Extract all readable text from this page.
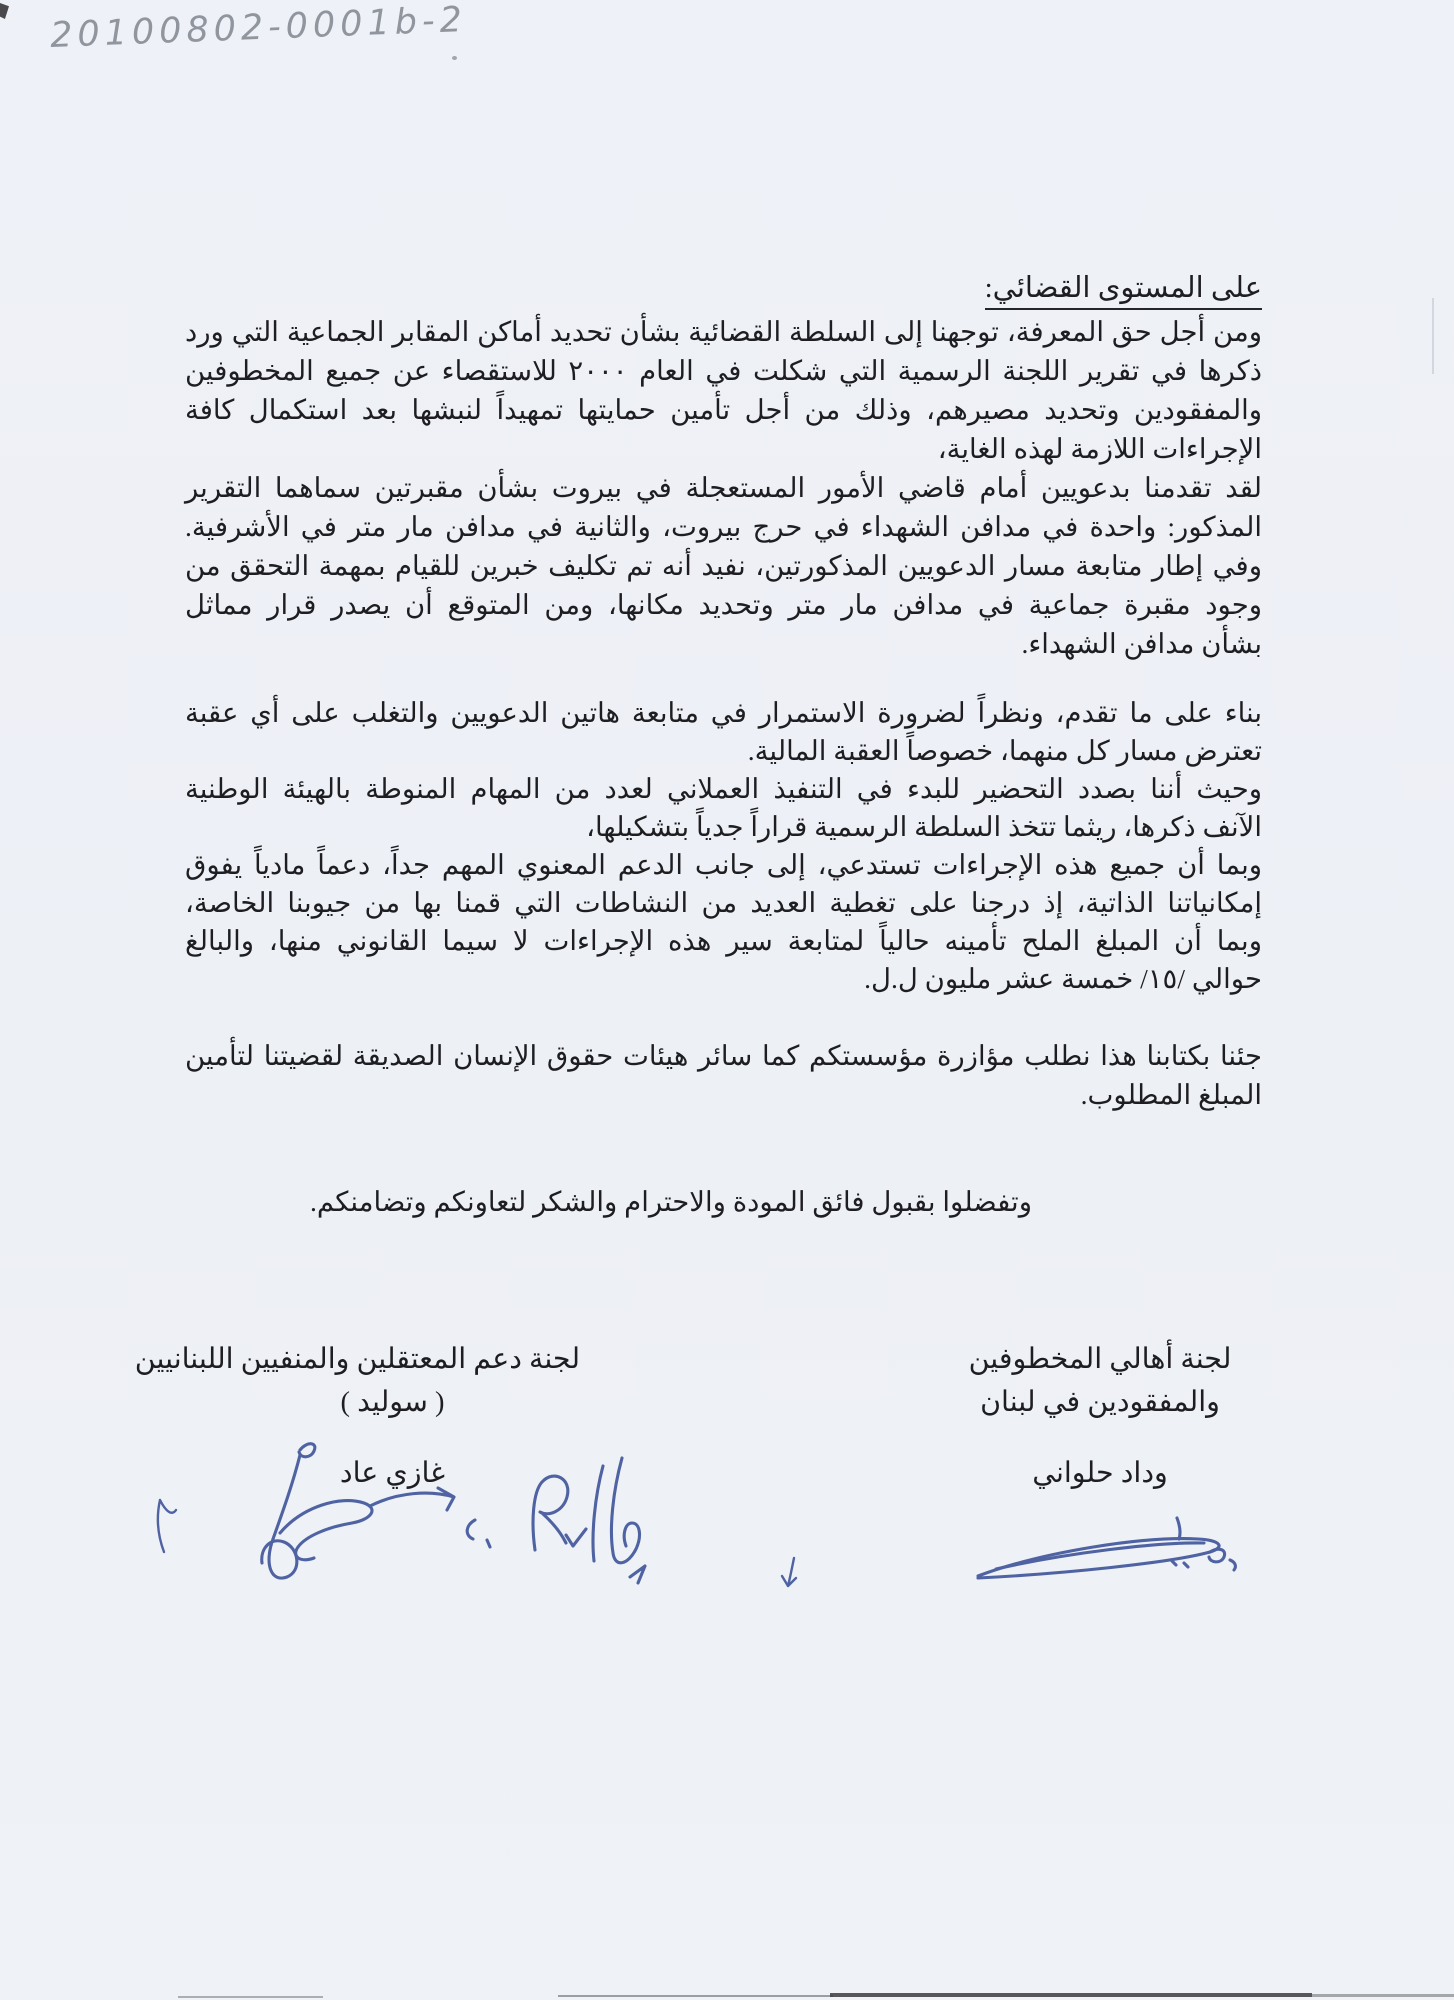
20100802-0001b-2
على المستوى القضائي:
ومن أجل حق المعرفة، توجهنا إلى السلطة القضائية بشأن تحديد أماكن المقابر الجماعية التي ورد
ذكرها في تقرير اللجنة الرسمية التي شكلت في العام ٢٠٠٠ للاستقصاء عن جميع المخطوفين
والمفقودين وتحديد مصيرهم، وذلك من أجل تأمين حمايتها تمهيداً لنبشها بعد استكمال كافة
الإجراءات اللازمة لهذه الغاية،
لقد تقدمنا بدعويين أمام قاضي الأمور المستعجلة في بيروت بشأن مقبرتين سماهما التقرير
المذكور: واحدة في مدافن الشهداء في حرج بيروت، والثانية في مدافن مار متر في الأشرفية.
وفي إطار متابعة مسار الدعويين المذكورتين، نفيد أنه تم تكليف خبرين للقيام بمهمة التحقق من
وجود مقبرة جماعية في مدافن مار متر وتحديد مكانها، ومن المتوقع أن يصدر قرار مماثل
بشأن مدافن الشهداء.
بناء على ما تقدم، ونظراً لضرورة الاستمرار في متابعة هاتين الدعويين والتغلب على أي عقبة
تعترض مسار كل منهما، خصوصاً العقبة المالية.
وحيث أننا بصدد التحضير للبدء في التنفيذ العملاني لعدد من المهام المنوطة بالهيئة الوطنية
الآنف ذكرها، ريثما تتخذ السلطة الرسمية قراراً جدياً بتشكيلها،
وبما أن جميع هذه الإجراءات تستدعي، إلى جانب الدعم المعنوي المهم جداً، دعماً مادياً يفوق
إمكانياتنا الذاتية، إذ درجنا على تغطية العديد من النشاطات التي قمنا بها من جيوبنا الخاصة،
وبما أن المبلغ الملح تأمينه حالياً لمتابعة سير هذه الإجراءات لا سيما القانوني منها، والبالغ
حوالي /١٥/ خمسة عشر مليون ل.ل.
جئنا بكتابنا هذا نطلب مؤازرة مؤسستكم كما سائر هيئات حقوق الإنسان الصديقة لقضيتنا لتأمين
المبلغ المطلوب.
وتفضلوا بقبول فائق المودة والاحترام والشكر لتعاونكم وتضامنكم.
لجنة أهالي المخطوفين
والمفقودين في لبنان
وداد حلواني
لجنة دعم المعتقلين والمنفيين اللبنانيين
( سوليد )
غازي عاد
